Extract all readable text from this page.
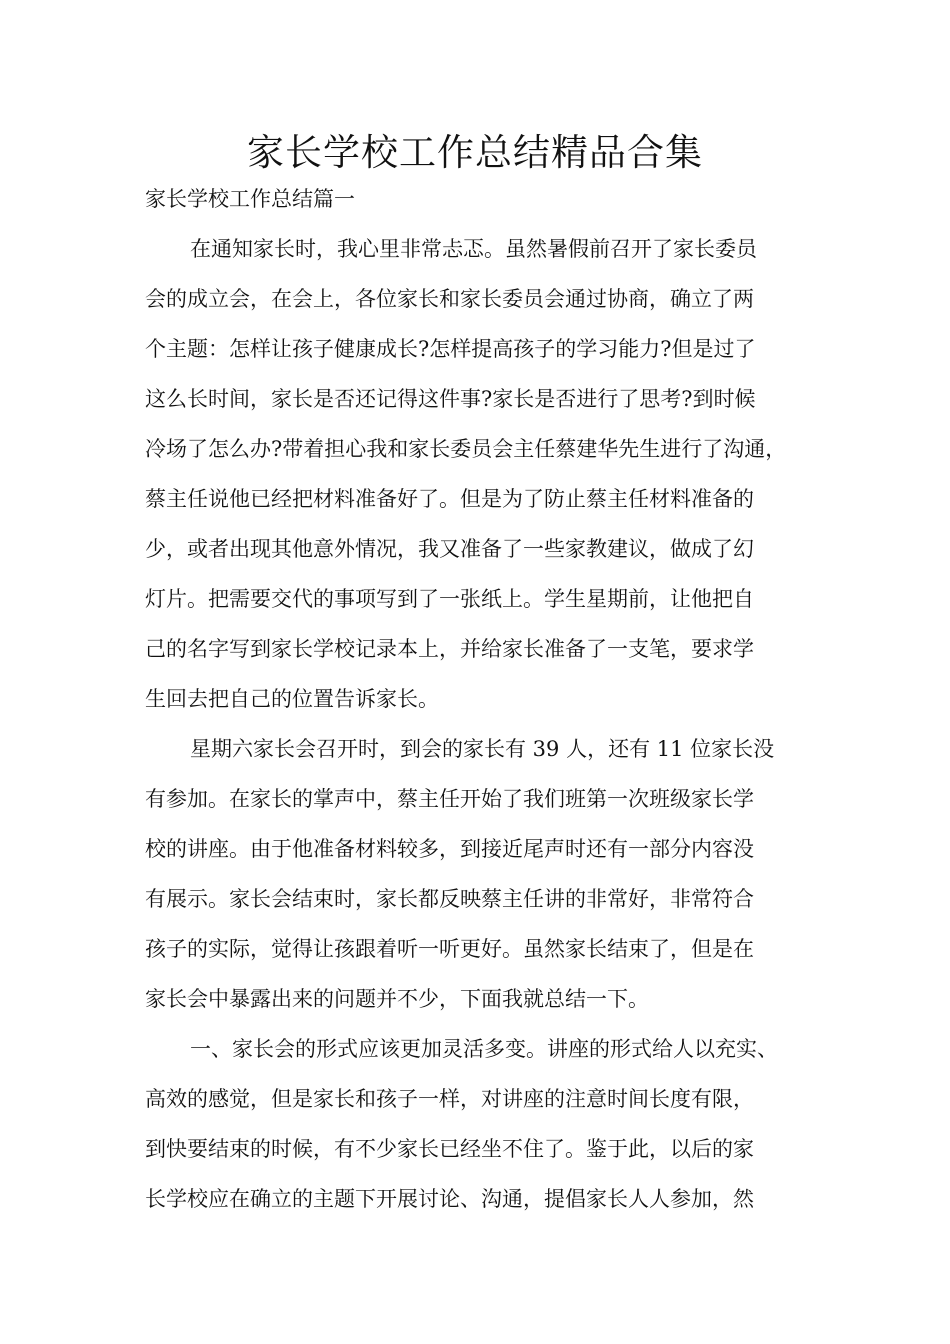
家长学校工作总结精品合集

家长学校工作总结篇一

在通知家长时，我心里非常忐忑。虽然暑假前召开了家长委员
会的成立会，在会上，各位家长和家长委员会通过协商，确立了两
个主题：怎样让孩子健康成长?怎样提高孩子的学习能力?但是过了
这么长时间，家长是否还记得这件事?家长是否进行了思考?到时候
冷场了怎么办?带着担心我和家长委员会主任蔡建华先生进行了沟通，
蔡主任说他已经把材料准备好了。但是为了防止蔡主任材料准备的
少，或者出现其他意外情况，我又准备了一些家教建议，做成了幻
灯片。把需要交代的事项写到了一张纸上。学生星期前，让他把自
己的名字写到家长学校记录本上，并给家长准备了一支笔，要求学
生回去把自己的位置告诉家长。
星期六家长会召开时，到会的家长有 39 人，还有 11 位家长没
有参加。在家长的掌声中，蔡主任开始了我们班第一次班级家长学
校的讲座。由于他准备材料较多，到接近尾声时还有一部分内容没
有展示。家长会结束时，家长都反映蔡主任讲的非常好，非常符合
孩子的实际，觉得让孩跟着听一听更好。虽然家长结束了，但是在
家长会中暴露出来的问题并不少，下面我就总结一下。
一、家长会的形式应该更加灵活多变。讲座的形式给人以充实、
高效的感觉，但是家长和孩子一样，对讲座的注意时间长度有限，
到快要结束的时候，有不少家长已经坐不住了。鉴于此，以后的家
长学校应在确立的主题下开展讨论、沟通，提倡家长人人参加，然
